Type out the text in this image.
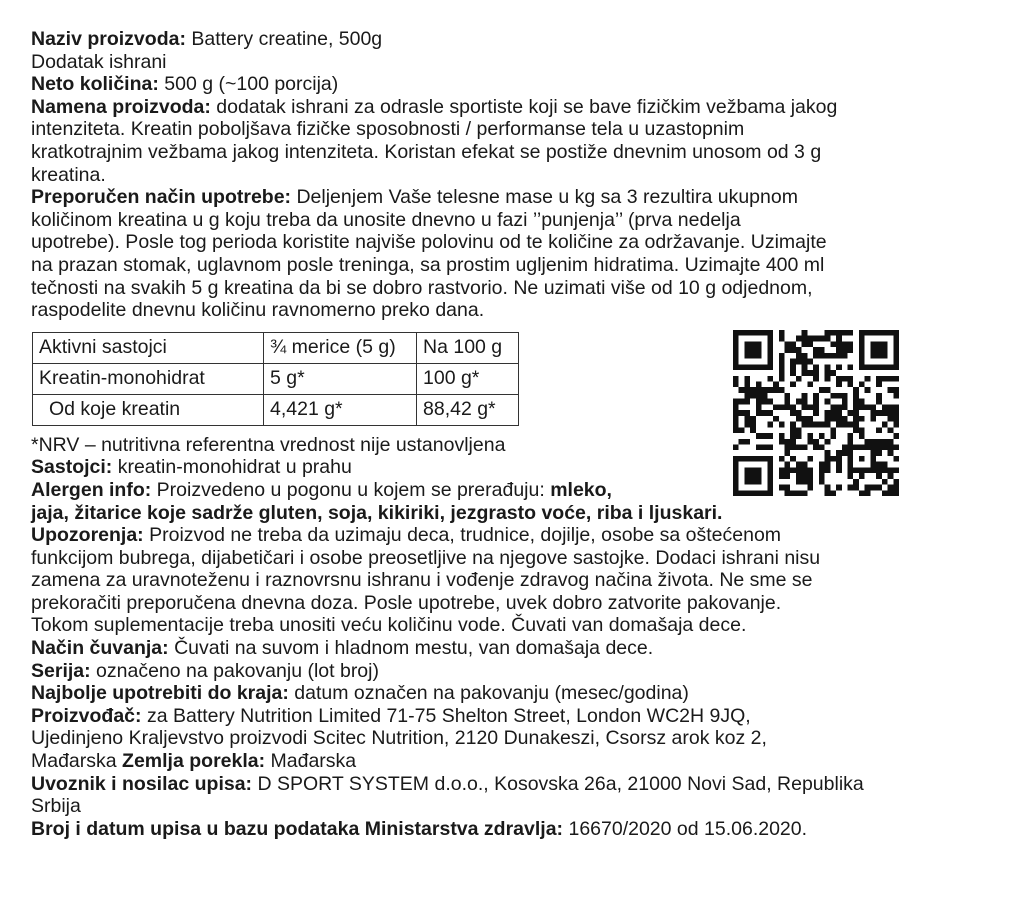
Naziv proizvoda: Battery creatine, 500g
Dodatak ishrani
Neto količina: 500 g (~100 porcija)
Namena proizvoda: dodatak ishrani za odrasle sportiste koji se bave fizičkim vežbama jakog
intenziteta. Kreatin poboljšava fizičke sposobnosti / performanse tela u uzastopnim
kratkotrajnim vežbama jakog intenziteta. Koristan efekat se postiže dnevnim unosom od 3 g
kreatina.
Preporučen način upotrebe: Deljenjem Vaše telesne mase u kg sa 3 rezultira ukupnom
količinom kreatina u g koju treba da unosite dnevno u fazi ’’punjenja’’ (prva nedelja
upotrebe). Posle tog perioda koristite najviše polovinu od te količine za održavanje. Uzimajte
na prazan stomak, uglavnom posle treninga, sa prostim ugljenim hidratima. Uzimajte 400 ml
tečnosti na svakih 5 g kreatina da bi se dobro rastvorio. Ne uzimati više od 10 g odjednom,
raspodelite dnevnu količinu ravnomerno preko dana.
Aktivni sastojci	¾ merice (5 g)	Na 100 g
Kreatin-monohidrat	5 g*	100 g*
Od koje kreatin	4,421 g*	88,42 g*
*NRV – nutritivna referentna vrednost nije ustanovljena
Sastojci: kreatin-monohidrat u prahu
Alergen info: Proizvedeno u pogonu u kojem se prerađuju: mleko,
jaja, žitarice koje sadrže gluten, soja, kikiriki, jezgrasto voće, riba i ljuskari.
Upozorenja: Proizvod ne treba da uzimaju deca, trudnice, dojilje, osobe sa oštećenom
funkcijom bubrega, dijabetičari i osobe preosetljive na njegove sastojke. Dodaci ishrani nisu
zamena za uravnoteženu i raznovrsnu ishranu i vođenje zdravog načina života. Ne sme se
prekoračiti preporučena dnevna doza. Posle upotrebe, uvek dobro zatvorite pakovanje.
Tokom suplementacije treba unositi veću količinu vode. Čuvati van domašaja dece.
Način čuvanja: Čuvati na suvom i hladnom mestu, van domašaja dece.
Serija: označeno na pakovanju (lot broj)
Najbolje upotrebiti do kraja: datum označen na pakovanju (mesec/godina)
Proizvođač: za Battery Nutrition Limited 71-75 Shelton Street, London WC2H 9JQ,
Ujedinjeno Kraljevstvo proizvodi Scitec Nutrition, 2120 Dunakeszi, Csorsz arok koz 2,
Mađarska Zemlja porekla: Mađarska
Uvoznik i nosilac upisa: D SPORT SYSTEM d.o.o., Kosovska 26a, 21000 Novi Sad, Republika
Srbija
Broj i datum upisa u bazu podataka Ministarstva zdravlja: 16670/2020 od 15.06.2020.
